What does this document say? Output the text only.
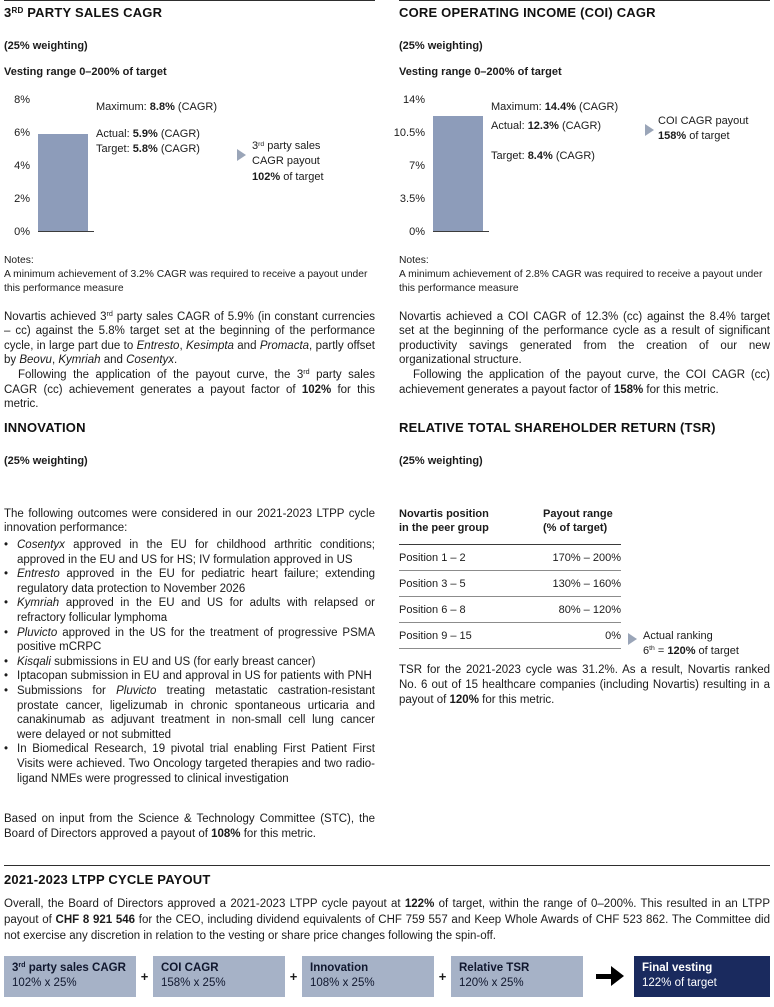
3RD PARTY SALES CAGR
(25% weighting)
Vesting range 0–200% of target
8%
6%
4%
2%
0%
Maximum: 8.8% (CAGR)
Actual: 5.9% (CAGR)
Target: 5.8% (CAGR)	3rd party sales
CAGR payout
102% of target
Notes:
A minimum achievement of 3.2% CAGR was required to receive a payout under this performance measure

Novartis achieved 3rd party sales CAGR of 5.9% (in constant currencies – cc) against the 5.8% target set at the beginning of the performance cycle, in large part due to Entresto, Kesimpta and Promacta, partly offset by Beovu, Kymriah and Cosentyx.

Following the application of the payout curve, the 3rd party sales CAGR (cc) achievement generates a payout factor of 102% for this metric.

CORE OPERATING INCOME (COI) CAGR
(25% weighting)
Vesting range 0–200% of target
14%
10.5%
7%
3.5%
0%
Maximum: 14.4% (CAGR)
Actual: 12.3% (CAGR)
Target: 8.4% (CAGR)
COI CAGR payout
158% of target
Notes:
A minimum achievement of 2.8% CAGR was required to receive a payout under this performance measure

Novartis achieved a COI CAGR of 12.3% (cc) against the 8.4% target set at the beginning of the performance cycle as a result of significant productivity savings generated from the creation of our new organizational structure.

Following the application of the payout curve, the COI CAGR (cc) achievement generates a payout factor of 158% for this metric.

INNOVATION
(25% weighting)

The following outcomes were considered in our 2021-2023 LTPP cycle innovation performance:

• Cosentyx approved in the EU for childhood arthritic conditions; approved in the EU and US for HS; IV formulation approved in US
• Entresto approved in the EU for pediatric heart failure; extending regulatory data protection to November 2026
• Kymriah approved in the EU and US for adults with relapsed or refractory follicular lymphoma
• Pluvicto approved in the US for the treatment of progressive PSMA positive mCRPC
• Kisqali submissions in EU and US (for early breast cancer)
• Iptacopan submission in EU and approval in US for patients with PNH
• Submissions for Pluvicto treating metastatic castration-resistant prostate cancer, ligelizumab in chronic spontaneous urticaria and canakinumab as adjuvant treatment in non-small cell lung cancer were delayed or not submitted
• In Biomedical Research, 19 pivotal trial enabling First Patient First Visits were achieved. Two Oncology targeted therapies and two radio-ligand NMEs were progressed to clinical investigation

Based on input from the Science & Technology Committee (STC), the Board of Directors approved a payout of 108% for this metric.

RELATIVE TOTAL SHAREHOLDER RETURN (TSR)
(25% weighting)
Novartis position
in the peer group
Payout range
(% of target)
Position 1 – 2	170% – 200%
Position 3 – 5	130% – 160%
Position 6 – 8	80% – 120%
Position 9 – 15	0% Actual ranking
6th = 120% of target

TSR for the 2021-2023 cycle was 31.2%. As a result, Novartis ranked No. 6 out of 15 healthcare companies (including Novartis) resulting in a payout of 120% for this metric.

2021-2023 LTPP CYCLE PAYOUT

Overall, the Board of Directors approved a 2021-2023 LTPP cycle payout at 122% of target, within the range of 0–200%. This resulted in an LTPP payout of CHF 8 921 546 for the CEO, including dividend equivalents of CHF 759 557 and Keep Whole Awards of CHF 523 862. The Committee did not exercise any discretion in relation to the vesting or share price changes following the spin-off.

3rd party sales CAGR
102% x 25%	+
COI CAGR
158% x 25%	+
Innovation
108% x 25%	+
Relative TSR
120% x 25%
Final vesting
122% of target
